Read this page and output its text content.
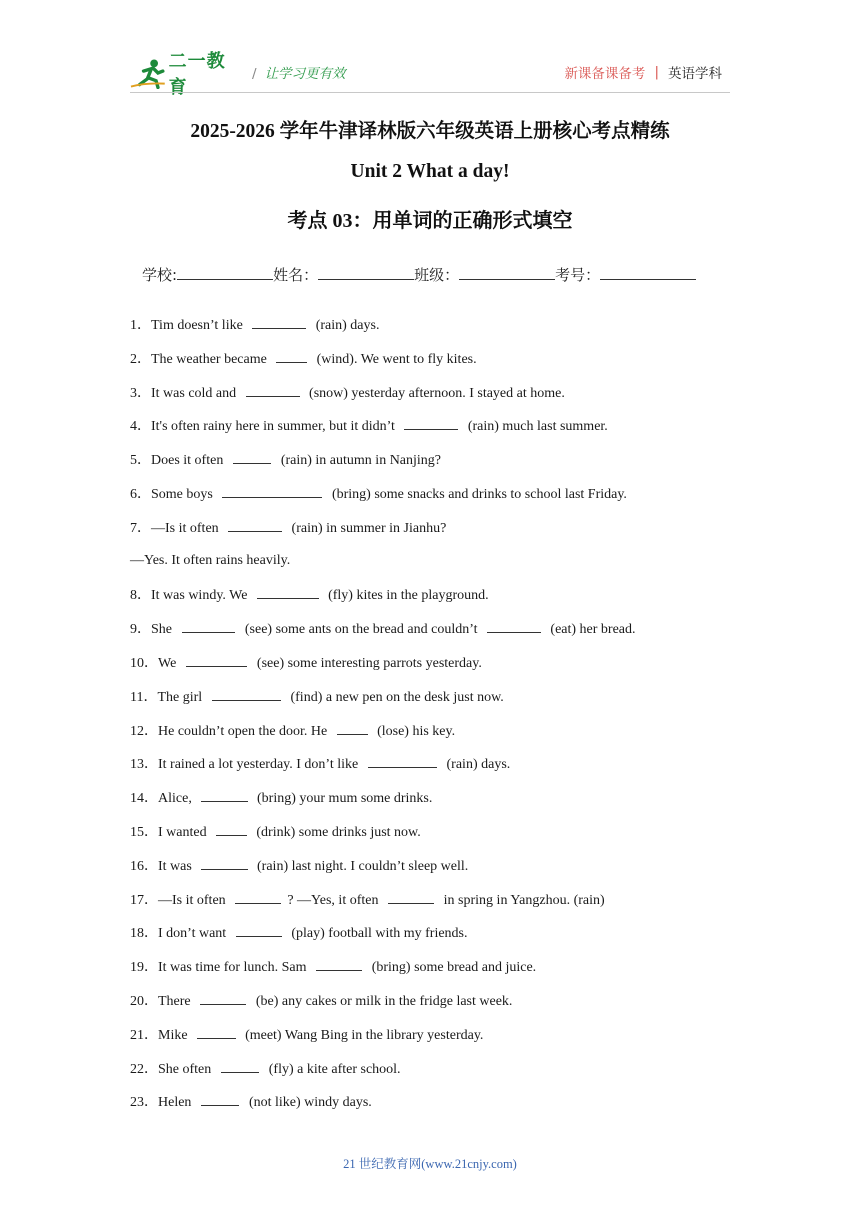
二一教育
/ 让学习更有效	新课备课备考 | 英语学科
2025-2026 学年牛津译林版六年级英语上册核心考点精练
Unit 2 What a day!
考点 03：用单词的正确形式填空
学校:	姓名：	班级：	考号：
1．Tim doesn’t like	(rain) days.
2．The weather became	(wind). We went to fly kites.
3．It was cold and	(snow) yesterday afternoon. I stayed at home.
4．It's often rainy here in summer, but it didn’t	(rain) much last summer.
5．Does it often	(rain) in autumn in Nanjing?
6．Some boys	(bring) some snacks and drinks to school last Friday.
7．—Is it often	(rain) in summer in Jianhu?
—Yes. It often rains heavily.
8．It was windy. We	(fly) kites in the playground.
9．She	(see) some ants on the bread and couldn’t	(eat) her bread.
10．We	(see) some interesting parrots yesterday.
11．The girl	(find) a new pen on the desk just now.
12．He couldn’t open the door. He	(lose) his key.
13．It rained a lot yesterday. I don’t like	(rain) days.
14．Alice,	(bring) your mum some drinks.
15．I wanted	(drink) some drinks just now.
16．It was	(rain) last night. I couldn’t sleep well.
17．—Is it often	? —Yes, it often	in spring in Yangzhou. (rain)
18．I don’t want	(play) football with my friends.
19．It was time for lunch. Sam	(bring) some bread and juice.
20．There	(be) any cakes or milk in the fridge last week.
21．Mike	(meet) Wang Bing in the library yesterday.
22．She often	(fly) a kite after school.
23．Helen	(not like) windy days.
21 世纪教育网(www.21cnjy.com)
